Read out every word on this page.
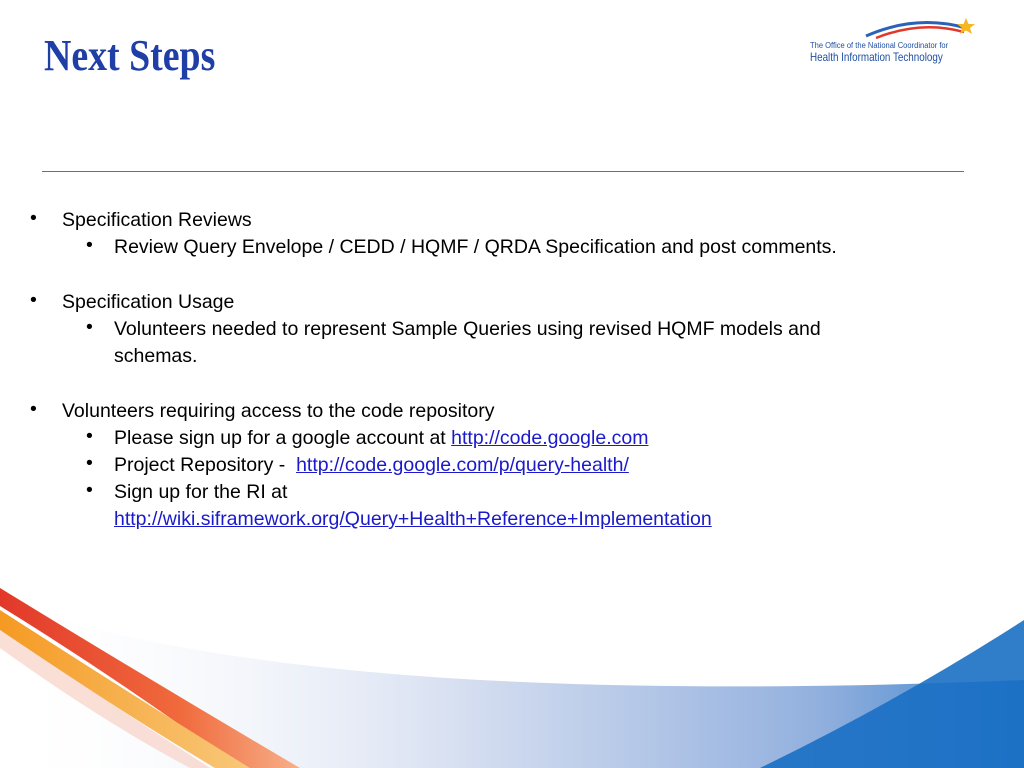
Next Steps	The Office of the National Coordinator for
Health Information Technology
• Specification Reviews
• Review Query Envelope / CEDD / HQMF / QRDA Specification and post comments.
• Specification Usage
• Volunteers needed to represent Sample Queries using revised HQMF models and
schemas.
• Volunteers requiring access to the code repository
• Please sign up for a google account at http://code.google.com
• Project Repository -  http://code.google.com/p/query-health/
• Sign up for the RI at
http://wiki.siframework.org/Query+Health+Reference+Implementation
